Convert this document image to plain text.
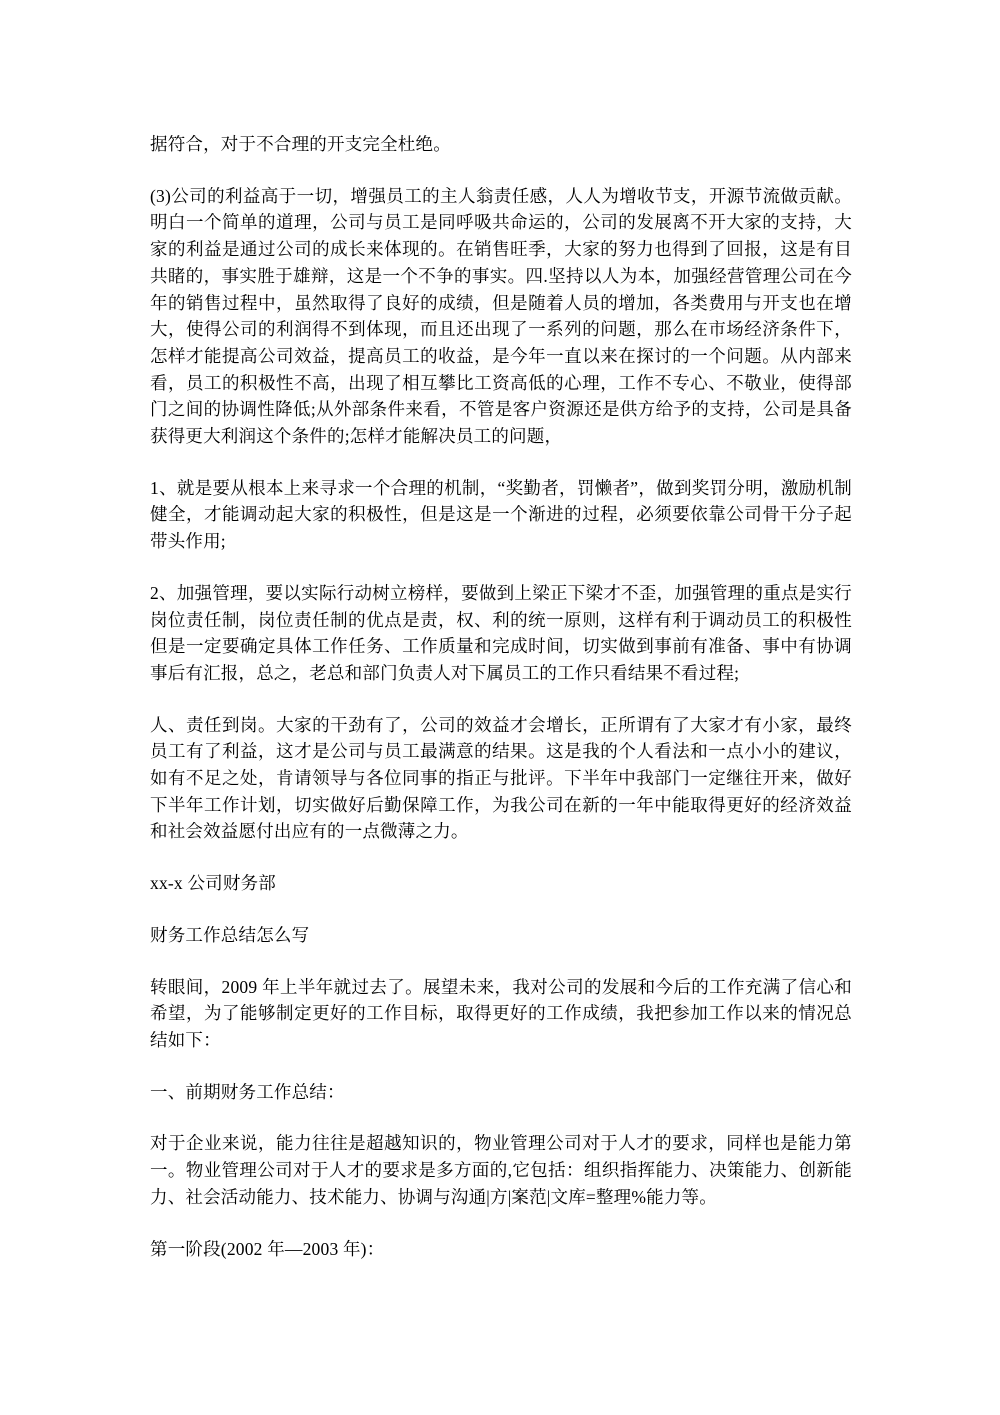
据符合，对于不合理的开支完全杜绝。

(3)公司的利益高于一切，增强员工的主人翁责任感，人人为增收节支，开源节流做贡献。明白一个简单的道理，公司与员工是同呼吸共命运的，公司的发展离不开大家的支持，大家的利益是通过公司的成长来体现的。在销售旺季，大家的努力也得到了回报，这是有目共睹的，事实胜于雄辩，这是一个不争的事实。四.坚持以人为本，加强经营管理公司在今年的销售过程中，虽然取得了良好的成绩，但是随着人员的增加，各类费用与开支也在增大，使得公司的利润得不到体现，而且还出现了一系列的问题，那么在市场经济条件下，怎样才能提高公司效益，提高员工的收益，是今年一直以来在探讨的一个问题。从内部来看，员工的积极性不高，出现了相互攀比工资高低的心理，工作不专心、不敬业，使得部门之间的协调性降低;从外部条件来看，不管是客户资源还是供方给予的支持，公司是具备获得更大利润这个条件的;怎样才能解决员工的问题，

1、就是要从根本上来寻求一个合理的机制，“奖勤者，罚懒者”，做到奖罚分明，激励机制健全，才能调动起大家的积极性，但是这是一个渐进的过程，必须要依靠公司骨干分子起带头作用;

2、加强管理，要以实际行动树立榜样，要做到上梁正下梁才不歪，加强管理的重点是实行岗位责任制，岗位责任制的优点是责，权、利的统一原则，这样有利于调动员工的积极性但是一定要确定具体工作任务、工作质量和完成时间，切实做到事前有准备、事中有协调事后有汇报，总之，老总和部门负责人对下属员工的工作只看结果不看过程;

人、责任到岗。大家的干劲有了，公司的效益才会增长，正所谓有了大家才有小家，最终员工有了利益，这才是公司与员工最满意的结果。这是我的个人看法和一点小小的建议，如有不足之处，肯请领导与各位同事的指正与批评。下半年中我部门一定继往开来，做好下半年工作计划，切实做好后勤保障工作，为我公司在新的一年中能取得更好的经济效益和社会效益愿付出应有的一点微薄之力。

xx-x 公司财务部

财务工作总结怎么写

转眼间，2009 年上半年就过去了。展望未来，我对公司的发展和今后的工作充满了信心和希望，为了能够制定更好的工作目标，取得更好的工作成绩，我把参加工作以来的情况总结如下：

一、前期财务工作总结：

对于企业来说，能力往往是超越知识的，物业管理公司对于人才的要求，同样也是能力第一。物业管理公司对于人才的要求是多方面的,它包括：组织指挥能力、决策能力、创新能力、社会活动能力、技术能力、协调与沟通|方|案范|文库=整理%能力等。

第一阶段(2002 年—2003 年)：
